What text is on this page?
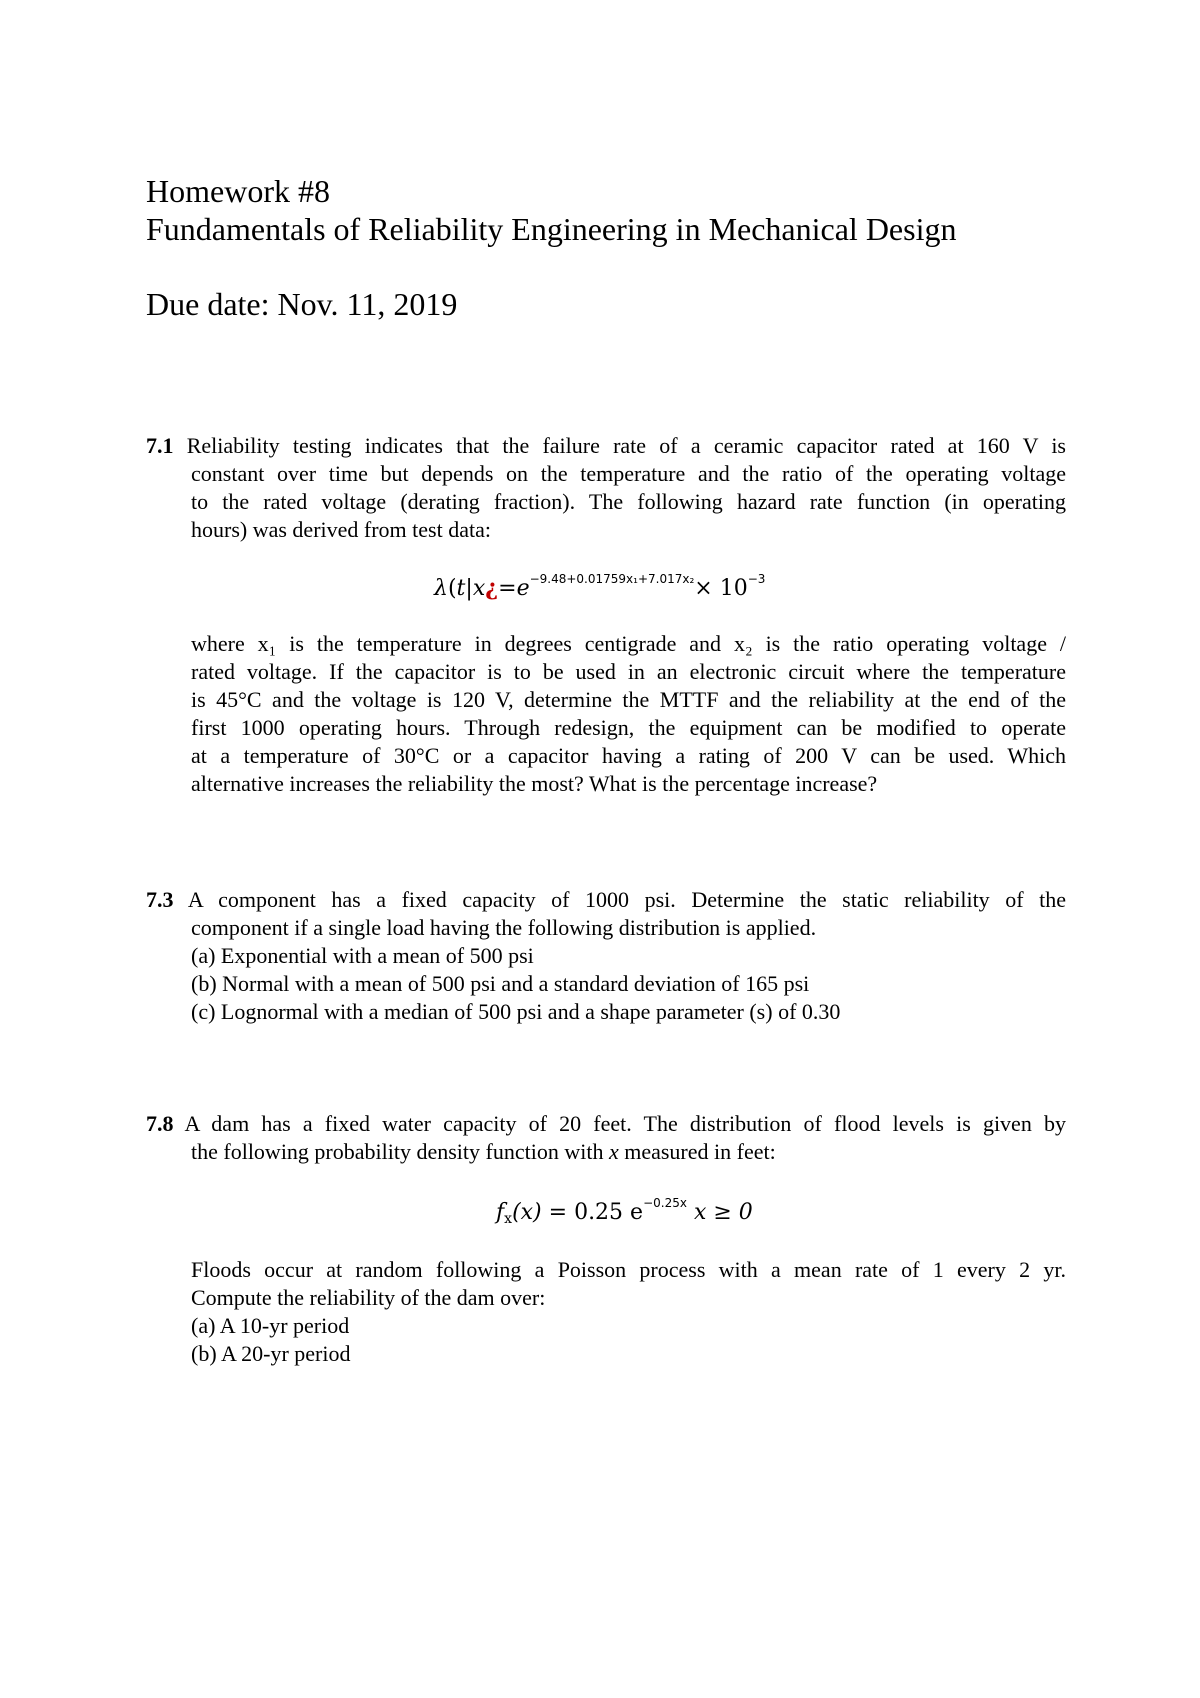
Homework #8
Fundamentals of Reliability Engineering in Mechanical Design
Due date: Nov. 11, 2019
7.1 Reliability testing indicates that the failure rate of a ceramic capacitor rated at 160 V is
constant over time but depends on the temperature and the ratio of the operating voltage
to the rated voltage (derating fraction). The following hazard rate function (in operating
hours) was derived from test data:
$\lambda(t|x¿=e^{-9.48+0.01759x_1+7.017x_2}\times 10^{-3}$
where x₁ is the temperature in degrees centigrade and x₂ is the ratio operating voltage /
rated voltage. If the capacitor is to be used in an electronic circuit where the temperature
is 45°C and the voltage is 120 V, determine the MTTF and the reliability at the end of the
first 1000 operating hours. Through redesign, the equipment can be modified to operate
at a temperature of 30°C or a capacitor having a rating of 200 V can be used. Which
alternative increases the reliability the most? What is the percentage increase?
7.3 A component has a fixed capacity of 1000 psi. Determine the static reliability of the
component if a single load having the following distribution is applied.
(a) Exponential with a mean of 500 psi
(b) Normal with a mean of 500 psi and a standard deviation of 165 psi
(c) Lognormal with a median of 500 psi and a shape parameter (s) of 0.30
7.8 A dam has a fixed water capacity of 20 feet. The distribution of flood levels is given by
the following probability density function with x measured in feet:
$f_x(x) = 0.25$ $e^{-0.25x}$ x ≥ 0
Floods occur at random following a Poisson process with a mean rate of 1 every 2 yr.
Compute the reliability of the dam over:
(a) A 10-yr period
(b) A 20-yr period
